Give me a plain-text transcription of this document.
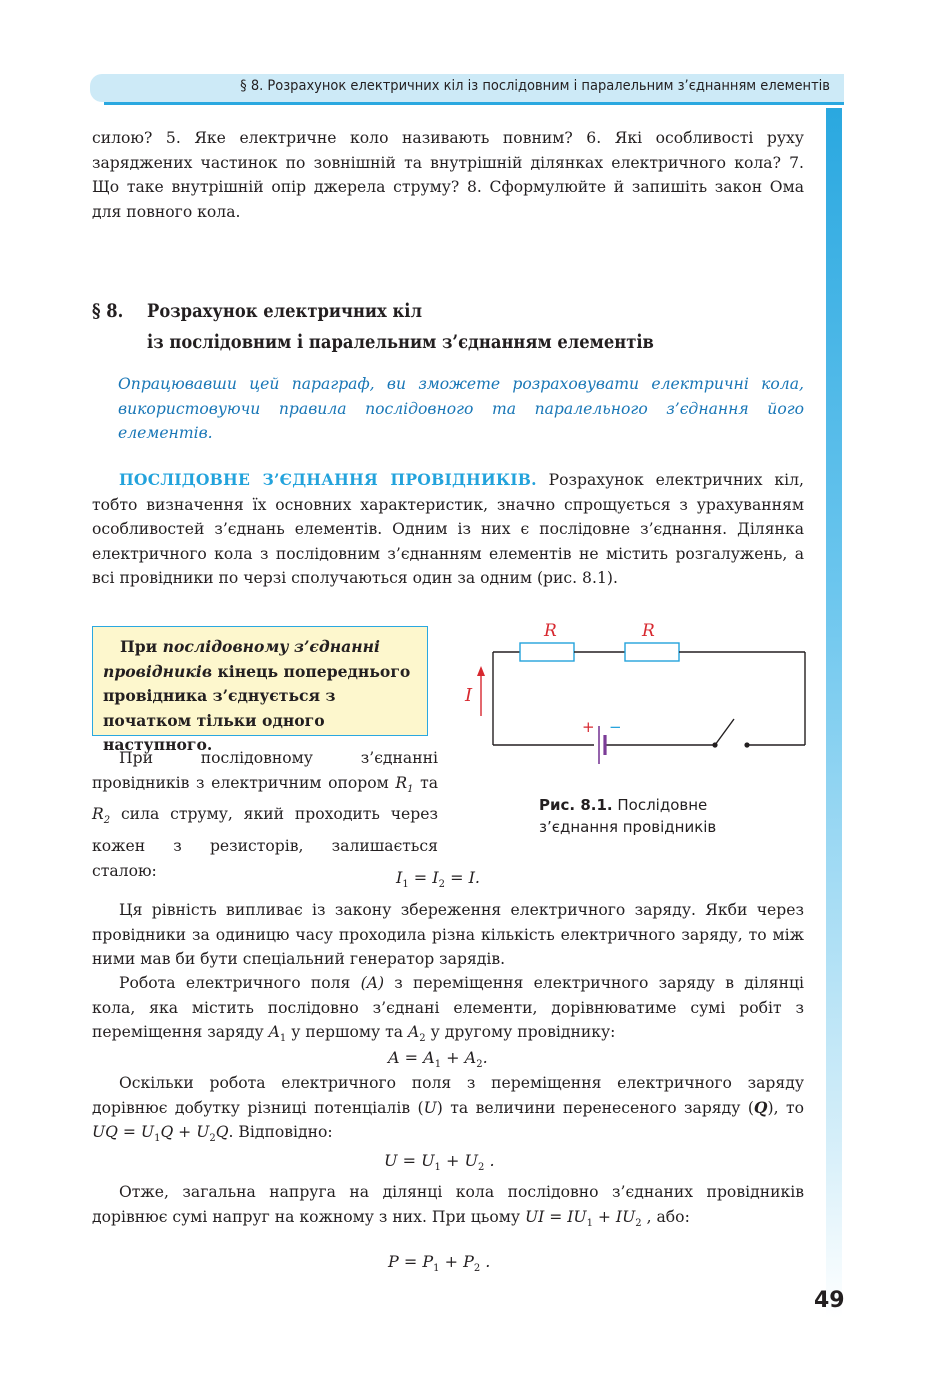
§ 8. Розрахунок електричних кіл із послідовним і паралельним з’єднанням елементів

силою? 5. Яке електричне коло називають повним? 6. Які особливості руху заряджених частинок по зовнішній та внутрішній ділянках електричного кола? 7. Що таке внутрішній опір джерела струму? 8. Сформулюйте й запишіть закон Ома для повного кола.

§ 8. Розрахунок електричних кіл
із послідовним і паралельним з’єднанням елементів

Опрацювавши цей параграф, ви зможете розраховувати електричні кола, використовуючи правила послідовного та паралельного з’єднання його елементів.

ПОСЛІДОВНЕ З’ЄДНАННЯ ПРОВІДНИКІВ. Розрахунок електричних кіл, тобто визначення їх основних характеристик, значно спрощується з урахуванням особливостей з’єднань елементів. Одним із них є послідовне з’єднання. Ділянка електричного кола з послідовним з’єднанням елементів не містить розгалужень, а всі провідники по черзі сполучаються один за одним (рис. 8.1).

При послідовному з’єднанні провідників кінець попереднього провідника з’єднується з початком тільки одного наступного.

При послідовному з’єднанні провідників з електричним опором $R_1$ та $R_2$ сила струму, який проходить через кожен з резисторів, залишається сталою:

R	R
I
+ −
Рис. 8.1. Послідовне
з’єднання провідників
$I_1 = I_2 = I$.

Ця рівність випливає із закону збереження електричного заряду. Якби через провідники за одиницю часу проходила різна кількість електричного заряду, то між ними мав би бути спеціальний генератор зарядів.

Робота електричного поля (A) з переміщення електричного заряду в ділянці кола, яка містить послідовно з’єднані елементи, дорівнюватиме сумі робіт з переміщення заряду $A_1$ у першому та $A_2$ у другому провіднику:

$A = A_1 + A_2$.

Оскільки робота електричного поля з переміщення електричного заряду дорівнює добутку різниці потенціалів (U) та величини перенесеного заряду (Q), то UQ = $U_1Q + U_2Q$. Відповідно:

$U = U_1 + U_2$ .

Отже, загальна напруга на ділянці кола послідовно з’єднаних провідників дорівнює сумі напруг на кожному з них. При цьому UI = $IU_1 + IU_2$ , або:

$P = P_1 + P_2$ .
49
